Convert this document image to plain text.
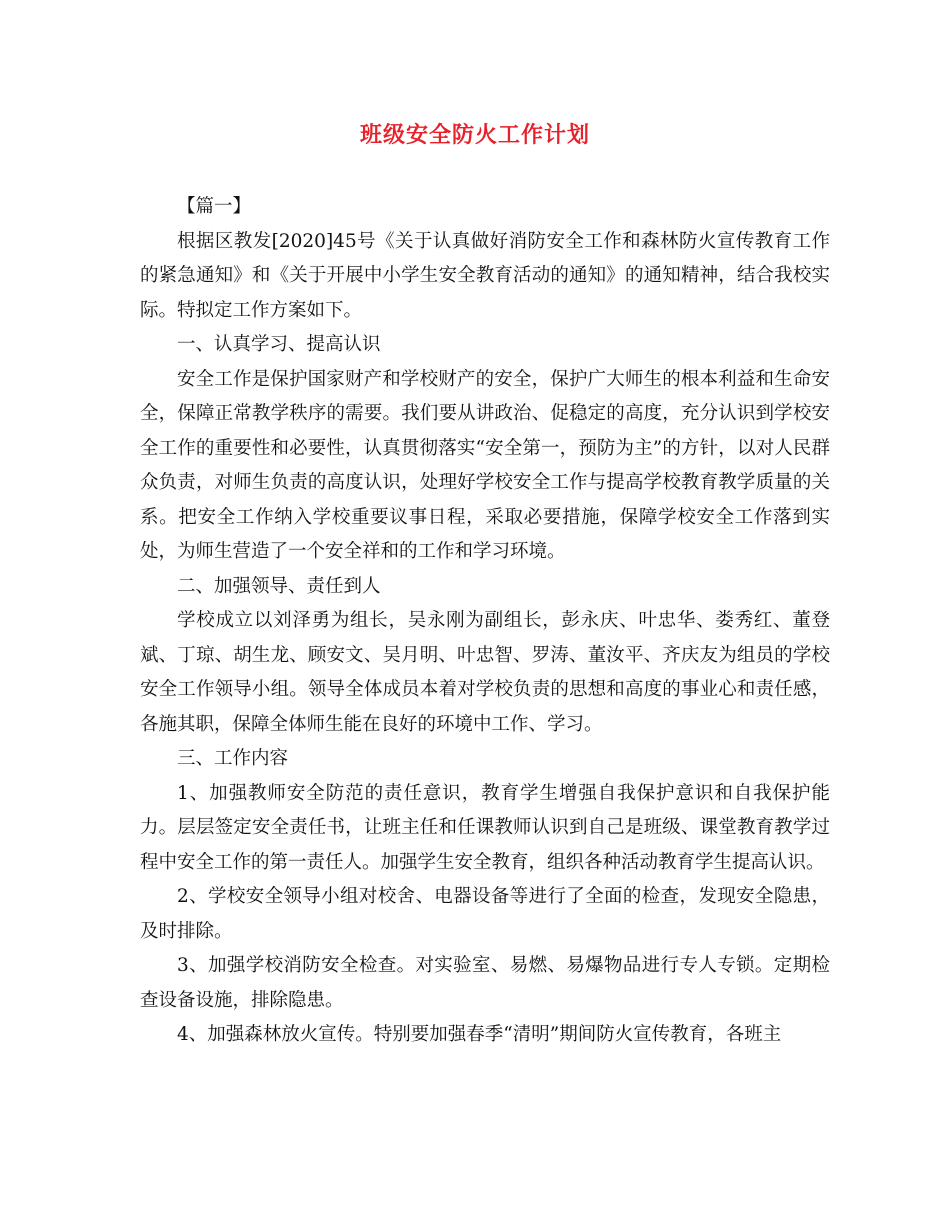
班级安全防火工作计划

【篇一】

根据区教发[2020]45号《关于认真做好消防安全工作和森林防火宣传教育工作的紧急通知》和《关于开展中小学生安全教育活动的通知》的通知精神，结合我校实际。特拟定工作方案如下。

一、认真学习、提高认识

安全工作是保护国家财产和学校财产的安全，保护广大师生的根本利益和生命安全，保障正常教学秩序的需要。我们要从讲政治、促稳定的高度，充分认识到学校安全工作的重要性和必要性，认真贯彻落实“安全第一，预防为主”的方针，以对人民群众负责，对师生负责的高度认识，处理好学校安全工作与提高学校教育教学质量的关系。把安全工作纳入学校重要议事日程，采取必要措施，保障学校安全工作落到实处，为师生营造了一个安全祥和的工作和学习环境。

二、加强领导、责任到人

学校成立以刘泽勇为组长，吴永刚为副组长，彭永庆、叶忠华、娄秀红、董登斌、丁琼、胡生龙、顾安文、吴月明、叶忠智、罗涛、董汝平、齐庆友为组员的学校安全工作领导小组。领导全体成员本着对学校负责的思想和高度的事业心和责任感，各施其职，保障全体师生能在良好的环境中工作、学习。

三、工作内容

1、加强教师安全防范的责任意识，教育学生增强自我保护意识和自我保护能力。层层签定安全责任书，让班主任和任课教师认识到自己是班级、课堂教育教学过程中安全工作的第一责任人。加强学生安全教育，组织各种活动教育学生提高认识。

2、学校安全领导小组对校舍、电器设备等进行了全面的检查，发现安全隐患，及时排除。

3、加强学校消防安全检查。对实验室、易燃、易爆物品进行专人专锁。定期检查设备设施，排除隐患。

4、加强森林放火宣传。特别要加强春季“清明”期间防火宣传教育，各班主
